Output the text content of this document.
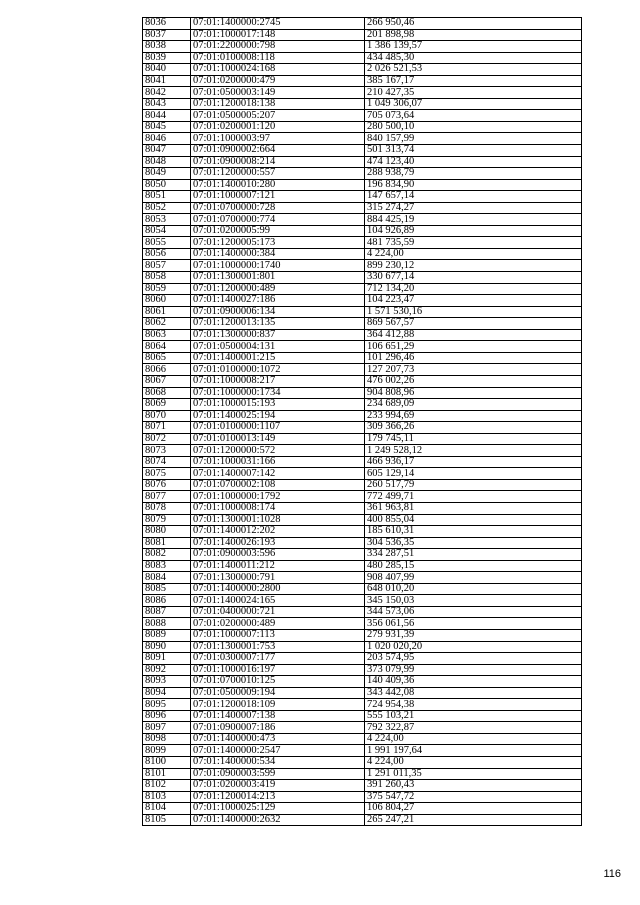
8036	07:01:1400000:2745	266 950,46
8037	07:01:1000017:148	201 898,98
8038	07:01:2200000:798	1 386 139,57
8039	07:01:0100008:118	434 485,30
8040	07:01:1000024:168	2 026 521,53
8041	07:01:0200000:479	385 167,17
8042	07:01:0500003:149	210 427,35
8043	07:01:1200018:138	1 049 306,07
8044	07:01:0500005:207	705 073,64
8045	07:01:0200001:120	280 500,10
8046	07:01:1000003:97	840 157,99
8047	07:01:0900002:664	501 313,74
8048	07:01:0900008:214	474 123,40
8049	07:01:1200000:557	288 938,79
8050	07:01:1400010:280	196 834,90
8051	07:01:1000007:121	147 657,14
8052	07:01:0700000:728	315 274,27
8053	07:01:0700000:774	884 425,19
8054	07:01:0200005:99	104 926,89
8055	07:01:1200005:173	481 735,59
8056	07:01:1400000:384	4 224,00
8057	07:01:1000000:1740	899 230,12
8058	07:01:1300001:801	330 677,14
8059	07:01:1200000:489	712 134,20
8060	07:01:1400027:186	104 223,47
8061	07:01:0900006:134	1 571 530,16
8062	07:01:1200013:135	869 567,57
8063	07:01:1300000:837	364 412,88
8064	07:01:0500004:131	106 651,29
8065	07:01:1400001:215	101 296,46
8066	07:01:0100000:1072	127 207,73
8067	07:01:1000008:217	476 002,26
8068	07:01:1000000:1734	904 808,96
8069	07:01:1000015:193	234 689,09
8070	07:01:1400025:194	233 994,69
8071	07:01:0100000:1107	309 366,26
8072	07:01:0100013:149	179 745,11
8073	07:01:1200000:572	1 249 528,12
8074	07:01:1000031:166	466 936,17
8075	07:01:1400007:142	605 129,14
8076	07:01:0700002:108	260 517,79
8077	07:01:1000000:1792	772 499,71
8078	07:01:1000008:174	361 963,81
8079	07:01:1300001:1028	400 855,04
8080	07:01:1400012:202	185 610,31
8081	07:01:1400026:193	304 536,35
8082	07:01:0900003:596	334 287,51
8083	07:01:1400011:212	480 285,15
8084	07:01:1300000:791	908 407,99
8085	07:01:1400000:2800	648 010,20
8086	07:01:1400024:165	345 150,03
8087	07:01:0400000:721	344 573,06
8088	07:01:0200000:489	356 061,56
8089	07:01:1000007:113	279 931,39
8090	07:01:1300001:753	1 020 020,20
8091	07:01:0300007:177	203 574,95
8092	07:01:1000016:197	373 079,99
8093	07:01:0700010:125	140 409,36
8094	07:01:0500009:194	343 442,08
8095	07:01:1200018:109	724 954,38
8096	07:01:1400007:138	555 103,21
8097	07:01:0900007:186	792 322,87
8098	07:01:1400000:473	4 224,00
8099	07:01:1400000:2547	1 991 197,64
8100	07:01:1400000:534	4 224,00
8101	07:01:0900003:599	1 291 011,35
8102	07:01:0200003:419	391 260,43
8103	07:01:1200014:213	375 547,72
8104	07:01:1000025:129	106 804,27
8105	07:01:1400000:2632	265 247,21
116
